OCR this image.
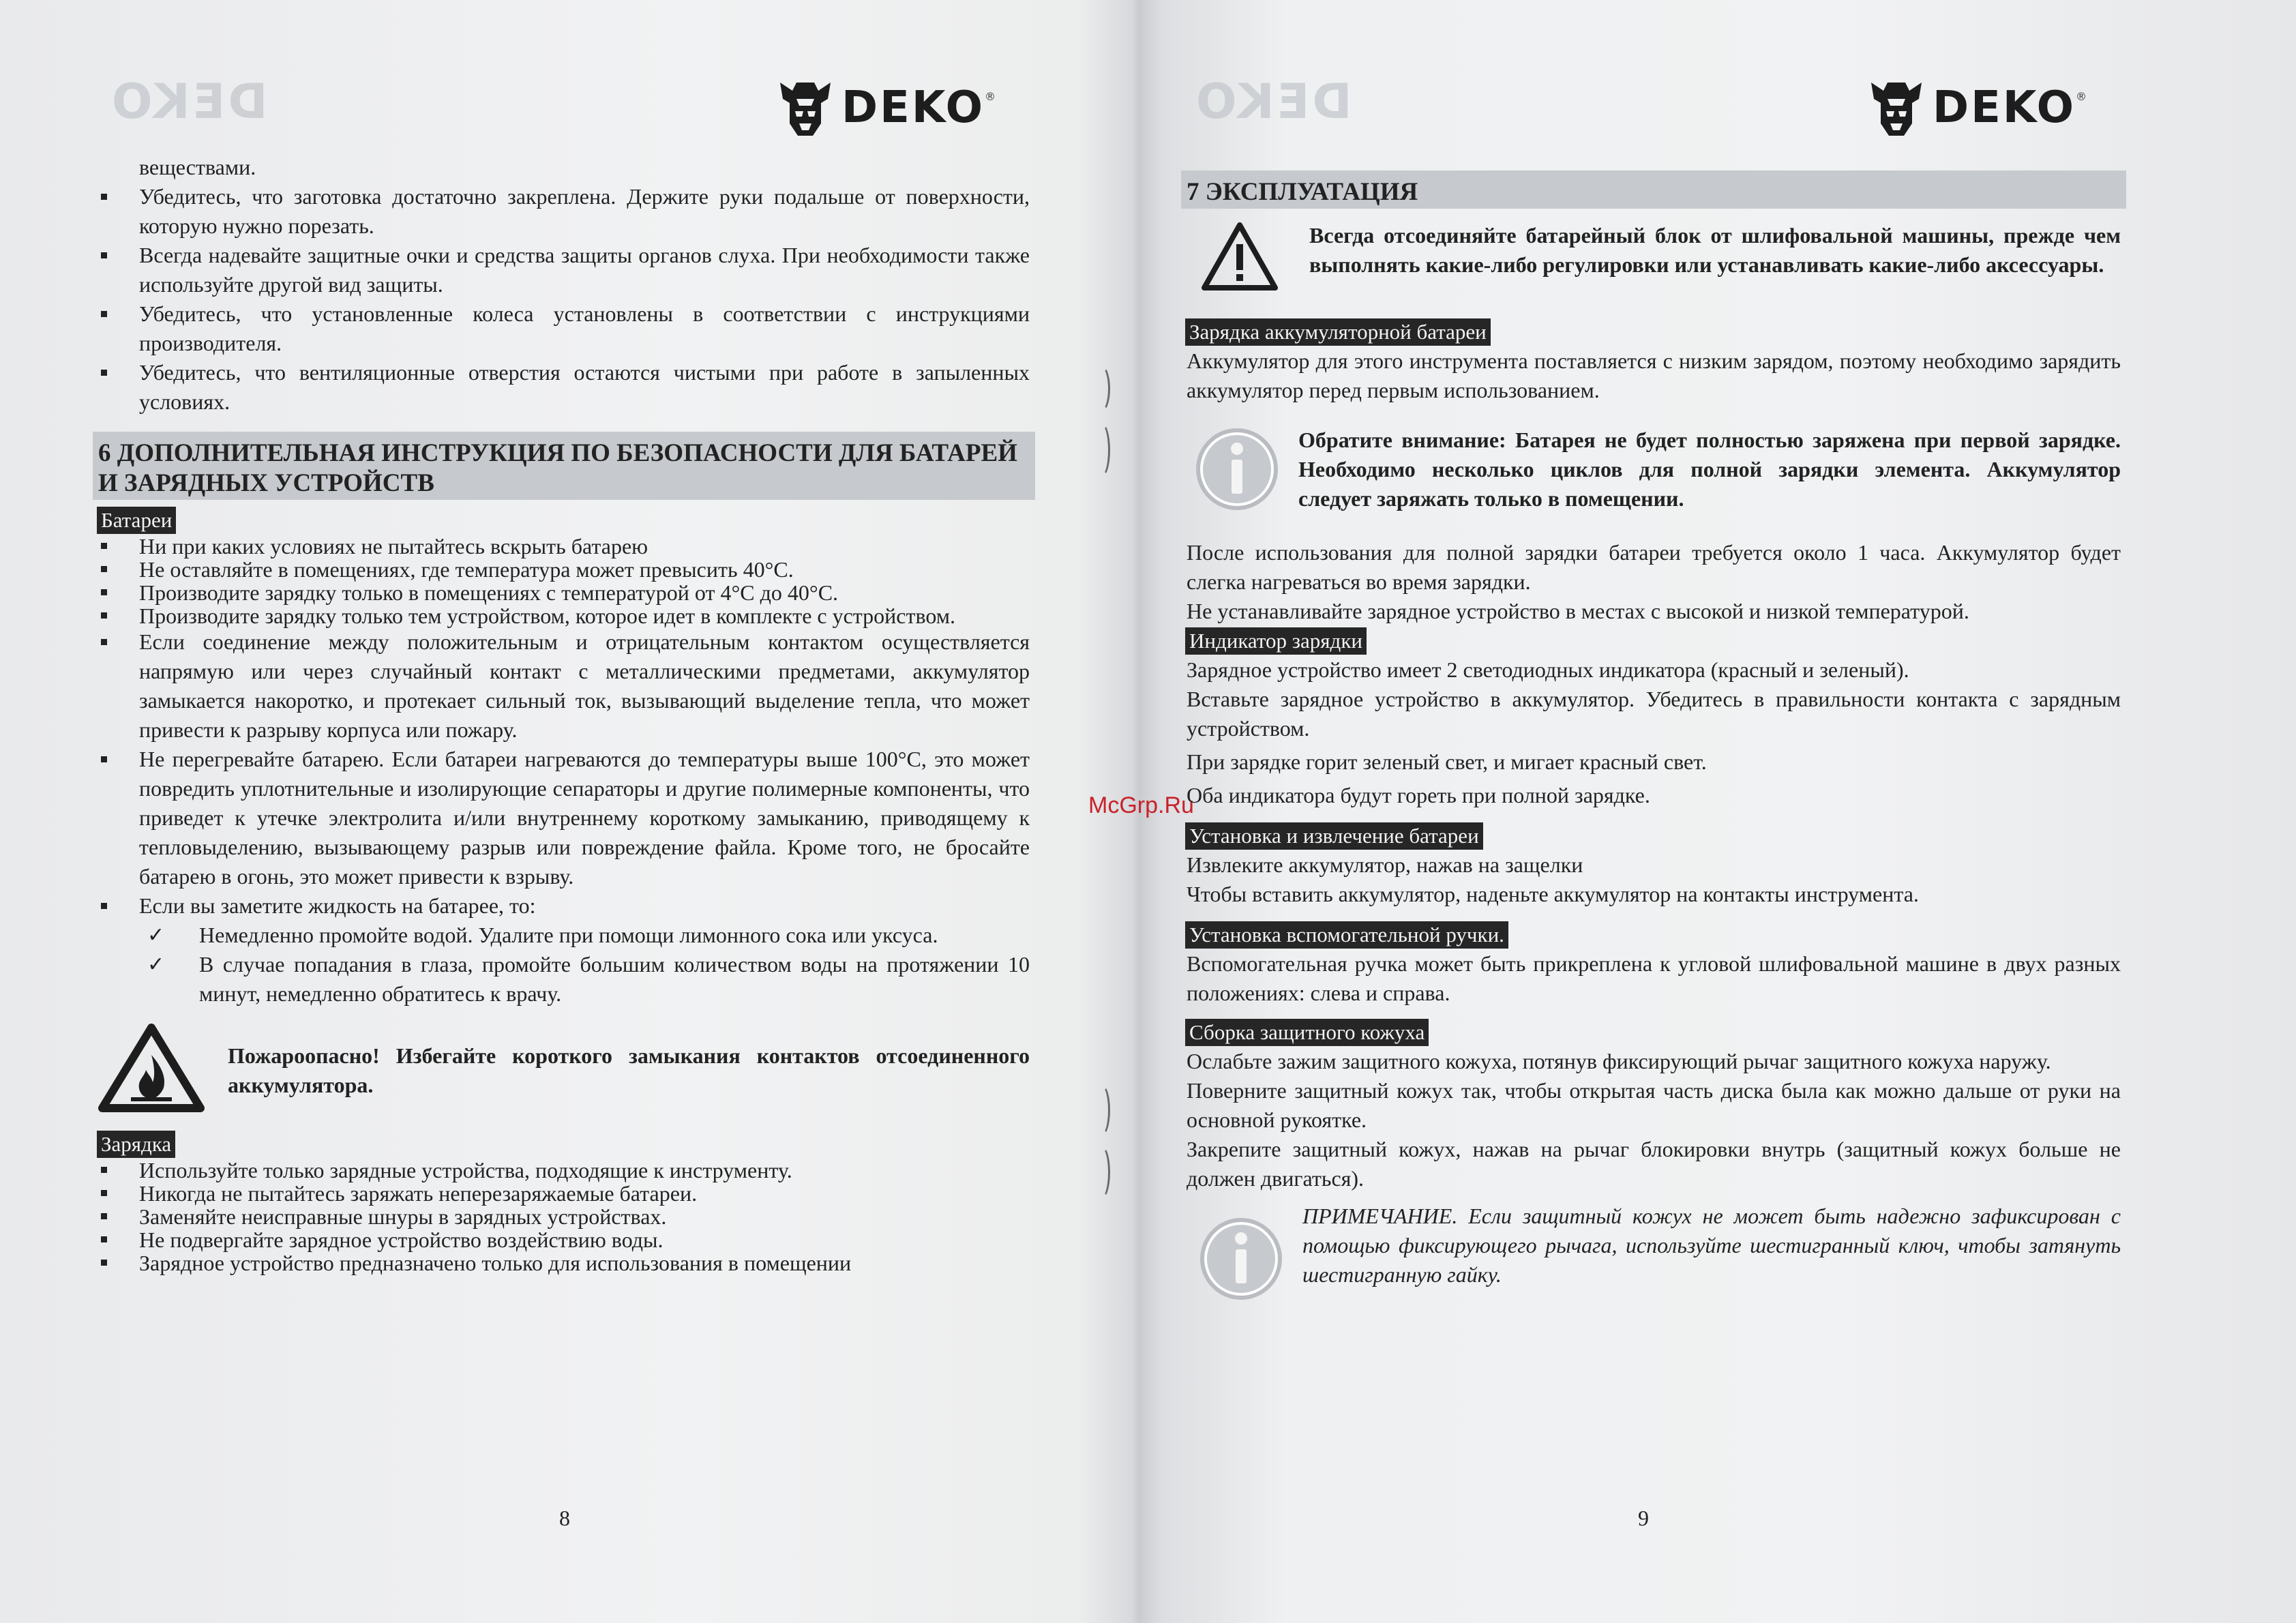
McGrp.Ru
DEKO	DEKO ®

веществами.

Убедитесь, что заготовка достаточно закреплена. Держите руки подальше от поверхности, которую нужно порезать.
Всегда надевайте защитные очки и средства защиты органов слуха. При необходимости также используйте другой вид защиты.
Убедитесь, что установленные колеса установлены в соответствии с инструкциями производителя.
Убедитесь, что вентиляционные отверстия остаются чистыми при работе в запыленных условиях.
6 ДОПОЛНИТЕЛЬНАЯ ИНСТРУКЦИЯ ПО БЕЗОПАСНОСТИ ДЛЯ БАТАРЕЙ И ЗАРЯДНЫХ УСТРОЙСТВ
Батареи
Ни при каких условиях не пытайтесь вскрыть батарею
Не оставляйте в помещениях, где температура может превысить 40°C.
Производите зарядку только в помещениях с температурой от 4°C до 40°C.
Производите зарядку только тем устройством, которое идет в комплекте с устройством.
Если соединение между положительным и отрицательным контактом осуществляется напрямую или через случайный контакт с металлическими предметами, аккумулятор замыкается накоротко, и протекает сильный ток, вызывающий выделение тепла, что может привести к разрыву корпуса или пожару.
Не перегревайте батарею. Если батареи нагреваются до температуры выше 100°C, это может повредить уплотнительные и изолирующие сепараторы и другие полимерные компоненты, что приведет к утечке электролита и/или внутреннему короткому замыканию, приводящему к тепловыделению, вызывающему разрыв или повреждение файла. Кроме того, не бросайте батарею в огонь, это может привести к взрыву.
Если вы заметите жидкость на батарее, то:
✓ Немедленно промойте водой. Удалите при помощи лимонного сока или уксуса.
✓ В случае попадания в глаза, промойте большим количеством воды на протяжении 10 минут, немедленно обратитесь к врачу.
Пожароопасно! Избегайте короткого замыкания контактов отсоединенного аккумулятора.
Зарядка
Используйте только зарядные устройства, подходящие к инструменту.
Никогда не пытайтесь заряжать неперезаряжаемые батареи.
Заменяйте неисправные шнуры в зарядных устройствах.
Не подвергайте зарядное устройство воздействию воды.
Зарядное устройство предназначено только для использования в помещении
8
DEKO	DEKO ®
7 ЭКСПЛУАТАЦИЯ
Всегда отсоединяйте батарейный блок от шлифовальной машины, прежде чем выполнять какие-либо регулировки или устанавливать какие-либо аксессуары.
Зарядка аккумуляторной батареи

Аккумулятор для этого инструмента поставляется с низким зарядом, поэтому необходимо зарядить аккумулятор перед первым использованием.

Обратите внимание: Батарея не будет полностью заряжена при первой зарядке. Необходимо несколько циклов для полной зарядки элемента. Аккумулятор следует заряжать только в помещении.

После использования для полной зарядки батареи требуется около 1 часа. Аккумулятор будет слегка нагреваться во время зарядки.

Не устанавливайте зарядное устройство в местах с высокой и низкой температурой.

Индикатор зарядки

Зарядное устройство имеет 2 светодиодных индикатора (красный и зеленый).

Вставьте зарядное устройство в аккумулятор. Убедитесь в правильности контакта с зарядным устройством.

При зарядке горит зеленый свет, и мигает красный свет.

Оба индикатора будут гореть при полной зарядке.

Установка и извлечение батареи

Извлеките аккумулятор, нажав на защелки

Чтобы вставить аккумулятор, наденьте аккумулятор на контакты инструмента.

Установка вспомогательной ручки.

Вспомогательная ручка может быть прикреплена к угловой шлифовальной машине в двух разных положениях: слева и справа.

Сборка защитного кожуха

Ослабьте зажим защитного кожуха, потянув фиксирующий рычаг защитного кожуха наружу.

Поверните защитный кожух так, чтобы открытая часть диска была как можно дальше от руки на основной рукоятке.

Закрепите защитный кожух, нажав на рычаг блокировки внутрь (защитный кожух больше не должен двигаться).

ПРИМЕЧАНИЕ. Если защитный кожух не может быть надежно зафиксирован с помощью фиксирующего рычага, используйте шестигранный ключ, чтобы затянуть шестигранную гайку.
9
